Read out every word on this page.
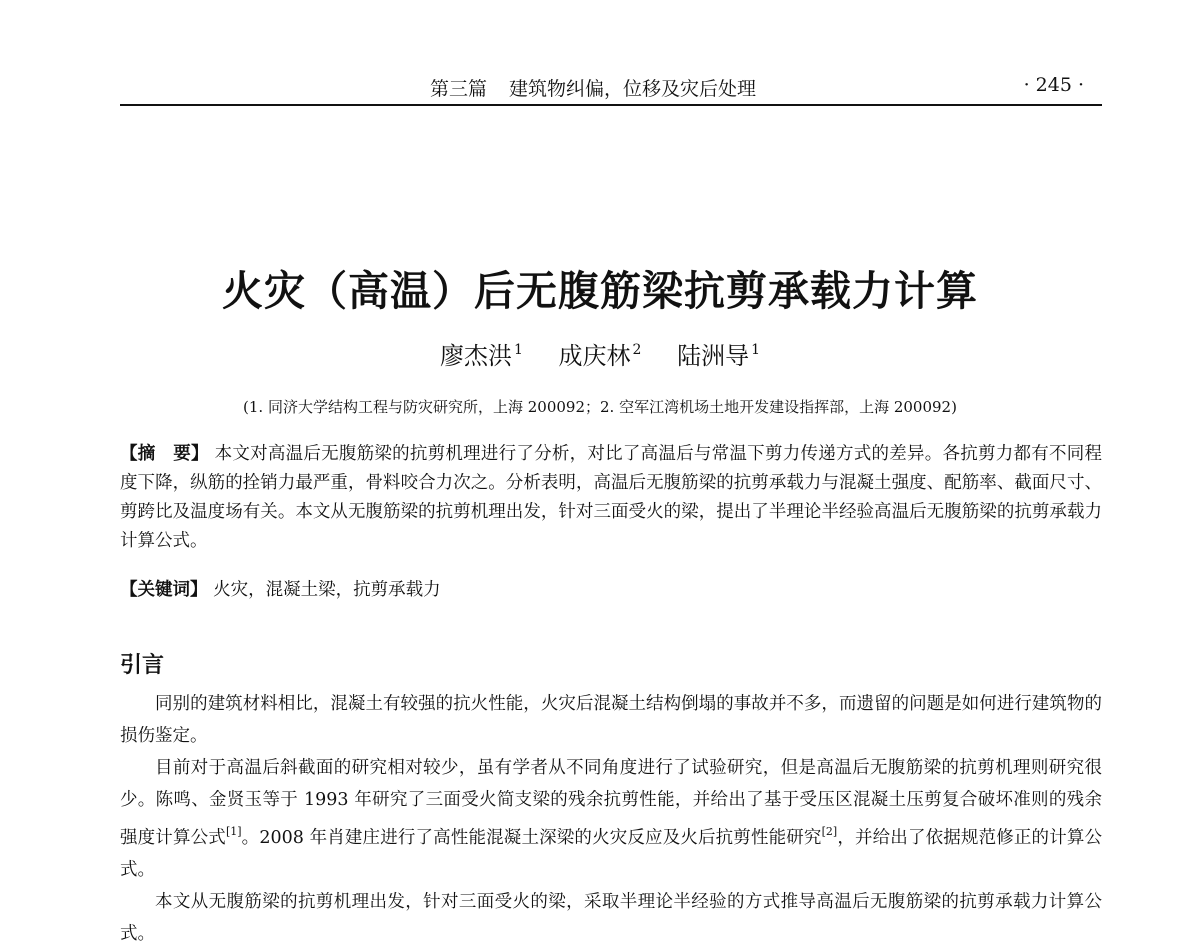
第三篇 建筑物纠偏，位移及灾后处理	· 245 ·
火灾（高温）后无腹筋梁抗剪承载力计算
廖杰洪 $^1$ 成庆林 $^2$ 陆洲导 $^1$
(1. 同济大学结构工程与防灾研究所，上海 200092；2. 空军江湾机场土地开发建设指挥部，上海 200092)
【摘　要】 本文对高温后无腹筋梁的抗剪机理进行了分析，对比了高温后与常温下剪力传递方式的差异。各抗剪力都有不同程度下降，纵筋的拴销力最严重，骨料咬合力次之。分析表明，高温后无腹筋梁的抗剪承载力与混凝土强度、配筋率、截面尺寸、剪跨比及温度场有关。本文从无腹筋梁的抗剪机理出发，针对三面受火的梁，提出了半理论半经验高温后无腹筋梁的抗剪承载力计算公式。
【关键词】 火灾，混凝土梁，抗剪承载力
引言

同别的建筑材料相比，混凝土有较强的抗火性能，火灾后混凝土结构倒塌的事故并不多，而遗留的问题是如何进行建筑物的损伤鉴定。

目前对于高温后斜截面的研究相对较少，虽有学者从不同角度进行了试验研究，但是高温后无腹筋梁的抗剪机理则研究很少。陈鸣、金贤玉等于 1993 年研究了三面受火简支梁的残余抗剪性能，并给出了基于受压区混凝土压剪复合破坏准则的残余强度计算公式[1]。2008 年肖建庄进行了高性能混凝土深梁的火灾反应及火后抗剪性能研究[2]，并给出了依据规范修正的计算公式。

本文从无腹筋梁的抗剪机理出发，针对三面受火的梁，采取半理论半经验的方式推导高温后无腹筋梁的抗剪承载力计算公式。
